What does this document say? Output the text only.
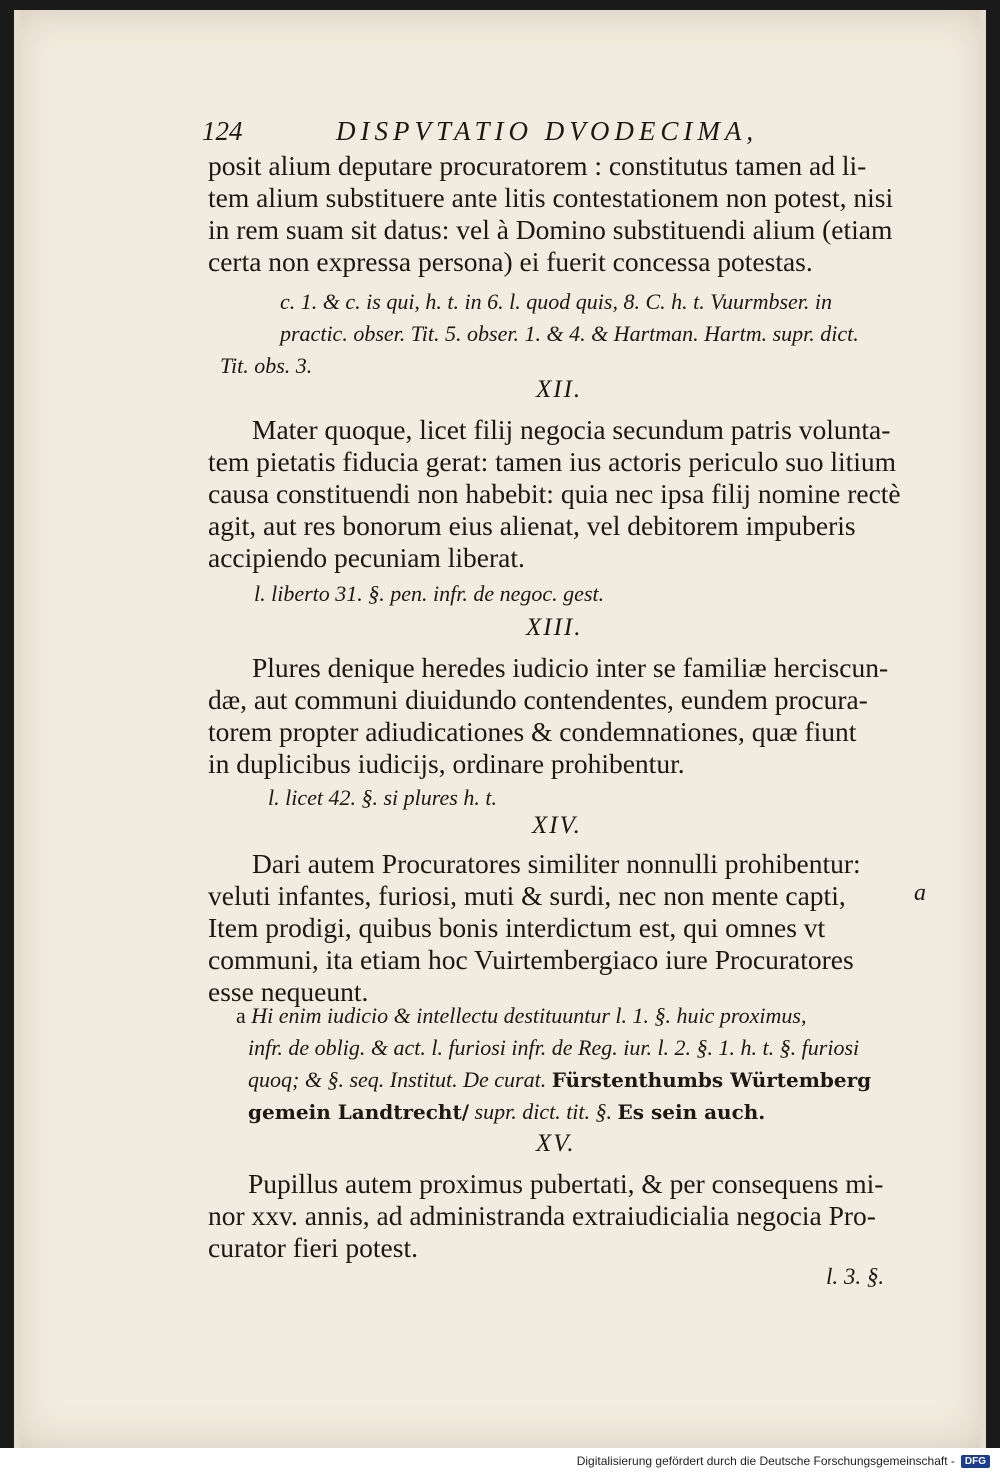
124	DISPVTATIO DVODECIMA,
posit alium deputare procuratorem : constitutus tamen ad li-
tem alium substituere ante litis contestationem non potest, nisi
in rem suam sit datus: vel à Domino substituendi alium (etiam
certa non expressa persona) ei fuerit concessa potestas.
c. 1. & c. is qui, h. t. in 6. l. quod quis, 8. C. h. t. Vuurmbser. in
practic. obser. Tit. 5. obser. 1. & 4. & Hartman. Hartm. supr. dict.
Tit. obs. 3.
XII.
Mater quoque, licet filij negocia secundum patris volunta-
tem pietatis fiducia gerat: tamen ius actoris periculo suo litium
causa constituendi non habebit: quia nec ipsa filij nomine rectè
agit, aut res bonorum eius alienat, vel debitorem impuberis
accipiendo pecuniam liberat.
l. liberto 31. §. pen. infr. de negoc. gest.
XIII.
Plures denique heredes iudicio inter se familiæ herciscun-
dæ, aut communi diuidundo contendentes, eundem procura-
torem propter adiudicationes & condemnationes, quæ fiunt
in duplicibus iudicijs, ordinare prohibentur.
l. licet 42. §. si plures h. t.
XIV.
Dari autem Procuratores similiter nonnulli prohibentur:
veluti infantes, furiosi, muti & surdi, nec non mente capti,
Item prodigi, quibus bonis interdictum est, qui omnes vt
communi, ita etiam hoc Vuirtembergiaco iure Procuratores
esse nequeunt.
a
a Hi enim iudicio & intellectu destituuntur l. 1. §. huic proximus,
infr. de oblig. & act. l. furiosi infr. de Reg. iur. l. 2. §. 1. h. t. §. furiosi
quoq; & §. seq. Institut. De curat. Fürstenthumbs Würtemberg
gemein Landtrecht/ supr. dict. tit. §. Es sein auch.
XV.
Pupillus autem proximus pubertati, & per consequens mi-
nor xxv. annis, ad administranda extraiudicialia negocia Pro-
curator fieri potest.
l. 3. §.
Digitalisierung gefördert durch die Deutsche Forschungsgemeinschaft -	DFG
